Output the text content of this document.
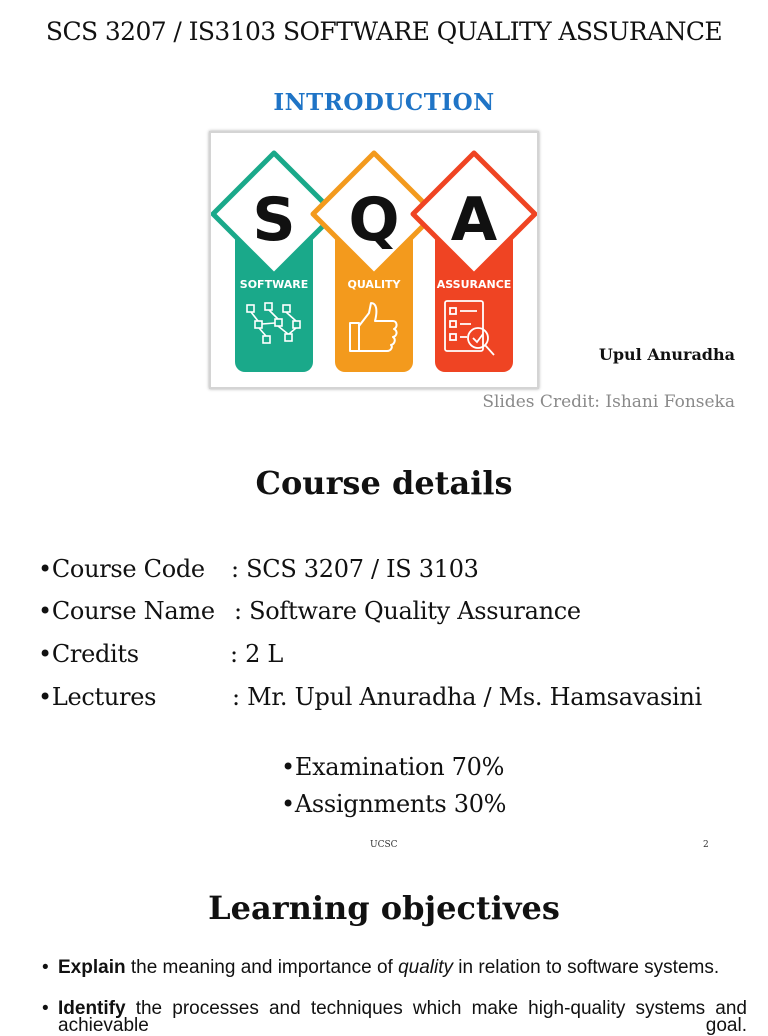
SCS 3207 / IS3103 SOFTWARE QUALITY ASSURANCE
INTRODUCTION
S
SOFTWARE
Q
QUALITY
A
ASSURANCE
Upul Anuradha
Slides Credit: Ishani Fonseka
Course details
•Course Code : SCS 3207 / IS 3103
•Course Name : Software Quality Assurance
•Credits	: 2 L
•Lectures	: Mr. Upul Anuradha / Ms. Hamsavasini
•Examination 70%
•Assignments 30%
UCSC	2
Learning objectives
• Explain the meaning and importance of quality in relation to software systems.
• Identify the processes and techniques which make high-quality systems and achievable goal.
